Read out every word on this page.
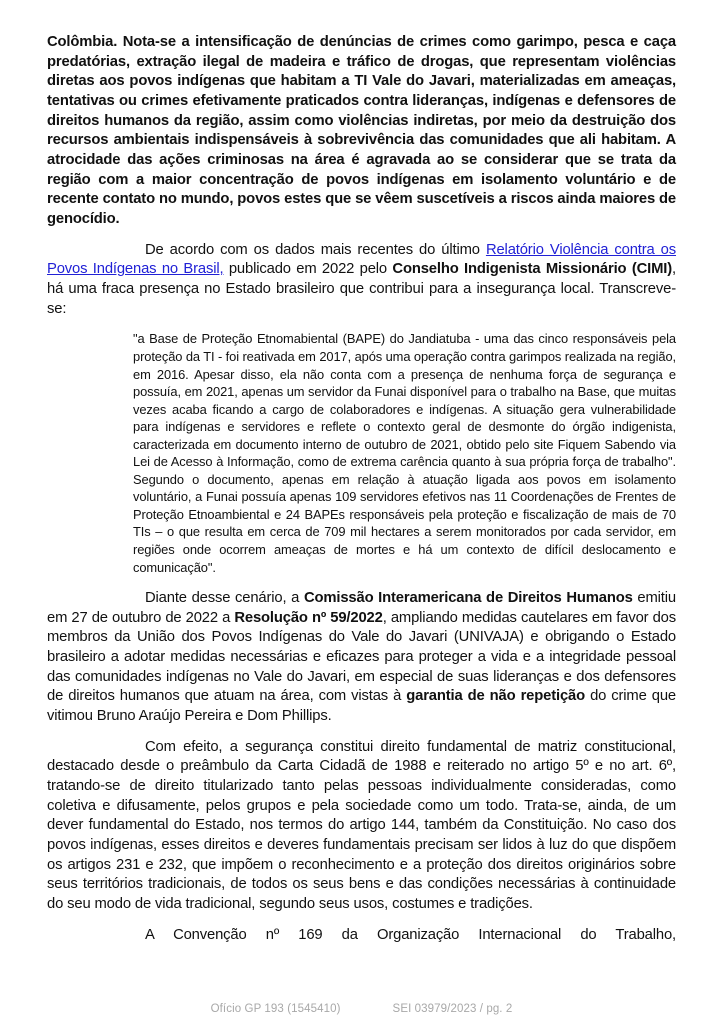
Colômbia. Nota-se a intensificação de denúncias de crimes como garimpo, pesca e caça predatórias, extração ilegal de madeira e tráfico de drogas, que representam violências diretas aos povos indígenas que habitam a TI Vale do Javari, materializadas em ameaças, tentativas ou crimes efetivamente praticados contra lideranças, indígenas e defensores de direitos humanos da região, assim como violências indiretas, por meio da destruição dos recursos ambientais indispensáveis à sobrevivência das comunidades que ali habitam. A atrocidade das ações criminosas na área é agravada ao se considerar que se trata da região com a maior concentração de povos indígenas em isolamento voluntário e de recente contato no mundo, povos estes que se vêem suscetíveis a riscos ainda maiores de genocídio.

De acordo com os dados mais recentes do último Relatório Violência contra os Povos Indígenas no Brasil, publicado em 2022 pelo Conselho Indigenista Missionário (CIMI), há uma fraca presença no Estado brasileiro que contribui para a insegurança local. Transcreve-se:

"a Base de Proteção Etnomabiental (BAPE) do Jandiatuba - uma das cinco responsáveis pela proteção da TI - foi reativada em 2017, após uma operação contra garimpos realizada na região, em 2016. Apesar disso, ela não conta com a presença de nenhuma força de segurança e possuía, em 2021, apenas um servidor da Funai disponível para o trabalho na Base, que muitas vezes acaba ficando a cargo de colaboradores e indígenas. A situação gera vulnerabilidade para indígenas e servidores e reflete o contexto geral de desmonte do órgão indigenista, caracterizada em documento interno de outubro de 2021, obtido pelo site Fiquem Sabendo via Lei de Acesso à Informação, como de extrema carência quanto à sua própria força de trabalho". Segundo o documento, apenas em relação à atuação ligada aos povos em isolamento voluntário, a Funai possuía apenas 109 servidores efetivos nas 11 Coordenações de Frentes de Proteção Etnoambiental e 24 BAPEs responsáveis pela proteção e fiscalização de mais de 70 TIs – o que resulta em cerca de 709 mil hectares a serem monitorados por cada servidor, em regiões onde ocorrem ameaças de mortes e há um contexto de difícil deslocamento e comunicação".

Diante desse cenário, a Comissão Interamericana de Direitos Humanos emitiu em 27 de outubro de 2022 a Resolução nº 59/2022, ampliando medidas cautelares em favor dos membros da União dos Povos Indígenas do Vale do Javari (UNIVAJA) e obrigando o Estado brasileiro a adotar medidas necessárias e eficazes para proteger a vida e a integridade pessoal das comunidades indígenas no Vale do Javari, em especial de suas lideranças e dos defensores de direitos humanos que atuam na área, com vistas à garantia de não repetição do crime que vitimou Bruno Araújo Pereira e Dom Phillips.

Com efeito, a segurança constitui direito fundamental de matriz constitucional, destacado desde o preâmbulo da Carta Cidadã de 1988 e reiterado no artigo 5º e no art. 6º, tratando-se de direito titularizado tanto pelas pessoas individualmente consideradas, como coletiva e difusamente, pelos grupos e pela sociedade como um todo. Trata-se, ainda, de um dever fundamental do Estado, nos termos do artigo 144, também da Constituição. No caso dos povos indígenas, esses direitos e deveres fundamentais precisam ser lidos à luz do que dispõem os artigos 231 e 232, que impõem o reconhecimento e a proteção dos direitos originários sobre seus territórios tradicionais, de todos os seus bens e das condições necessárias à continuidade do seu modo de vida tradicional, segundo seus usos, costumes e tradições.

A Convenção nº 169 da Organização Internacional do Trabalho,

Ofício GP 193 (1545410)	SEI 03979/2023 / pg. 2
